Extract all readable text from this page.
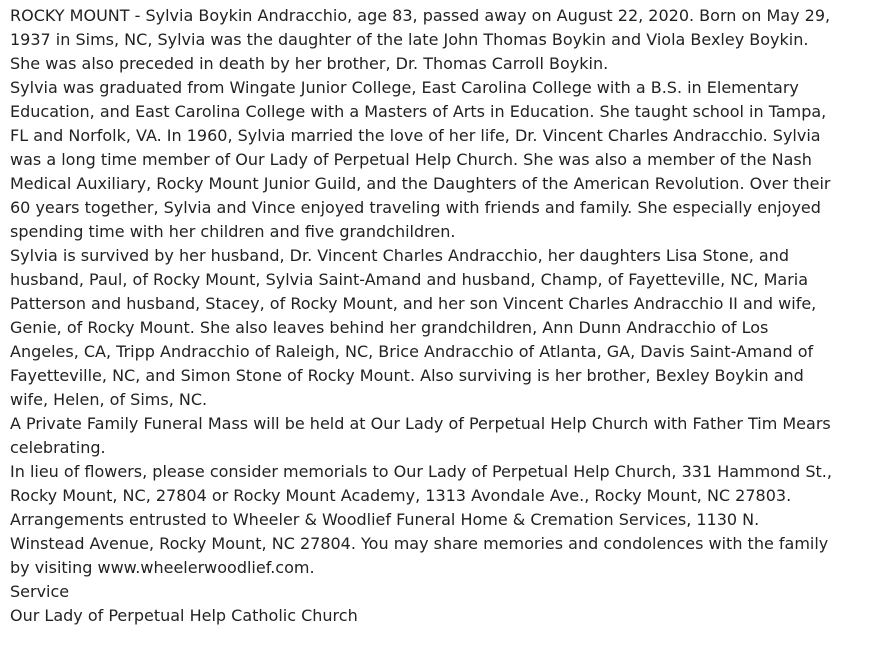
ROCKY MOUNT - Sylvia Boykin Andracchio, age 83, passed away on August 22, 2020. Born on May 29, 1937 in Sims, NC, Sylvia was the daughter of the late John Thomas Boykin and Viola Bexley Boykin. She was also preceded in death by her brother, Dr. Thomas Carroll Boykin.

Sylvia was graduated from Wingate Junior College, East Carolina College with a B.S. in Elementary Education, and East Carolina College with a Masters of Arts in Education. She taught school in Tampa, FL and Norfolk, VA. In 1960, Sylvia married the love of her life, Dr. Vincent Charles Andracchio. Sylvia was a long time member of Our Lady of Perpetual Help Church. She was also a member of the Nash Medical Auxiliary, Rocky Mount Junior Guild, and the Daughters of the American Revolution. Over their 60 years together, Sylvia and Vince enjoyed traveling with friends and family. She especially enjoyed spending time with her children and five grandchildren.

Sylvia is survived by her husband, Dr. Vincent Charles Andracchio, her daughters Lisa Stone, and husband, Paul, of Rocky Mount, Sylvia Saint-Amand and husband, Champ, of Fayetteville, NC, Maria Patterson and husband, Stacey, of Rocky Mount, and her son Vincent Charles Andracchio II and wife, Genie, of Rocky Mount. She also leaves behind her grandchildren, Ann Dunn Andracchio of Los Angeles, CA, Tripp Andracchio of Raleigh, NC, Brice Andracchio of Atlanta, GA, Davis Saint-Amand of Fayetteville, NC, and Simon Stone of Rocky Mount. Also surviving is her brother, Bexley Boykin and wife, Helen, of Sims, NC.

A Private Family Funeral Mass will be held at Our Lady of Perpetual Help Church with Father Tim Mears celebrating.

In lieu of flowers, please consider memorials to Our Lady of Perpetual Help Church, 331 Hammond St., Rocky Mount, NC, 27804 or Rocky Mount Academy, 1313 Avondale Ave., Rocky Mount, NC 27803. Arrangements entrusted to Wheeler & Woodlief Funeral Home & Cremation Services, 1130 N. Winstead Avenue, Rocky Mount, NC 27804. You may share memories and condolences with the family by visiting www.wheelerwoodlief.com.

Service

Our Lady of Perpetual Help Catholic Church
